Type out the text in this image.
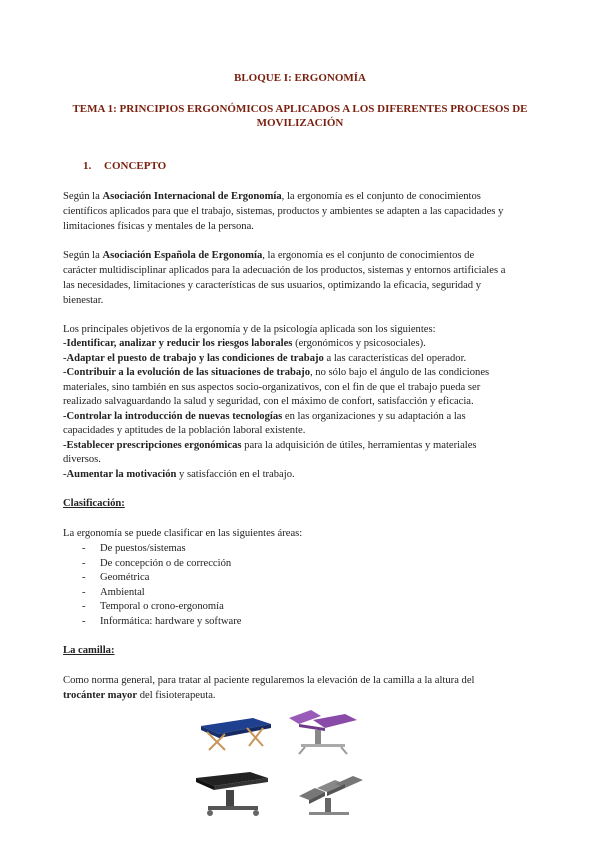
BLOQUE I: ERGONOMÍA
TEMA 1: PRINCIPIOS ERGONÓMICOS APLICADOS A LOS DIFERENTES PROCESOS DE
MOVILIZACIÓN
1. CONCEPTO
Según la Asociación Internacional de Ergonomía, la ergonomía es el conjunto de conocimientos
científicos aplicados para que el trabajo, sistemas, productos y ambientes se adapten a las capacidades y
limitaciones físicas y mentales de la persona.
Según la Asociación Española de Ergonomía, la ergonomía es el conjunto de conocimientos de
carácter multidisciplinar aplicados para la adecuación de los productos, sistemas y entornos artificiales a
las necesidades, limitaciones y características de sus usuarios, optimizando la eficacia, seguridad y
bienestar.
Los principales objetivos de la ergonomía y de la psicología aplicada son los siguientes:
-Identificar, analizar y reducir los riesgos laborales (ergonómicos y psicosociales).
-Adaptar el puesto de trabajo y las condiciones de trabajo a las características del operador.
-Contribuir a la evolución de las situaciones de trabajo, no sólo bajo el ángulo de las condiciones
materiales, sino también en sus aspectos socio-organizativos, con el fin de que el trabajo pueda ser
realizado salvaguardando la salud y seguridad, con el máximo de confort, satisfacción y eficacia.
-Controlar la introducción de nuevas tecnologías en las organizaciones y su adaptación a las
capacidades y aptitudes de la población laboral existente.
-Establecer prescripciones ergonómicas para la adquisición de útiles, herramientas y materiales
diversos.
-Aumentar la motivación y satisfacción en el trabajo.
Clasificación:
La ergonomía se puede clasificar en las siguientes áreas:
- De puestos/sistemas
- De concepción o de corrección
- Geométrica
- Ambiental
- Temporal o crono-ergonomía
- Informática: hardware y software
La camilla:
Como norma general, para tratar al paciente regularemos la elevación de la camilla a la altura del
trocánter mayor del fisioterapeuta.
